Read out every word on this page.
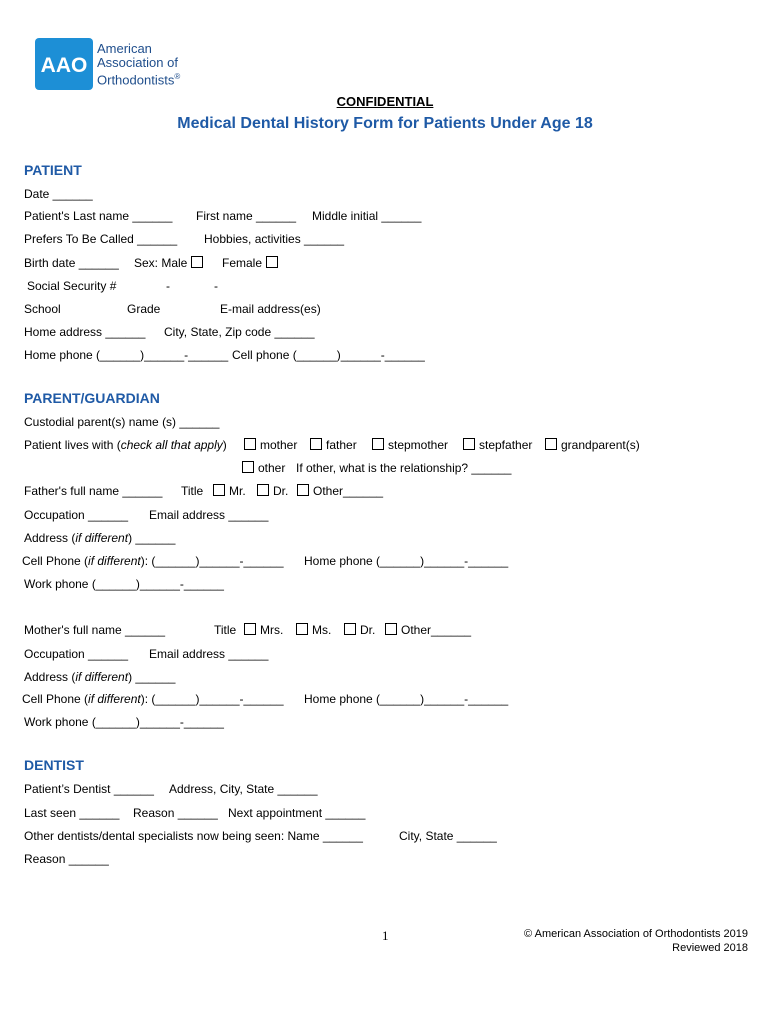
AAO
American
Association of
Orthodontists®
CONFIDENTIAL
Medical Dental History Form for Patients Under Age 18
PATIENT
Date ______
Patient's Last name ______ First name ______ Middle initial ______
Prefers To Be Called ______ Hobbies, activities ______
Birth date ______ Sex: Male	Female
Social Security #	-	-
School	Grade	E-mail address(es)
Home address ______ City, State, Zip code ______
Home phone (______)______-______ Cell phone (______)______-______
PARENT/GUARDIAN
Custodial parent(s) name (s) ______
Patient lives with (check all that apply)	mother	father	stepmother	stepfather	grandparent(s)
other If other, what is the relationship? ______
Father's full name ______ Title	Mr.	Dr.	Other______
Occupation ______ Email address ______
Address (if different) ______
Cell Phone (if different): (______)______-______ Home phone (______)______-______
Work phone (______)______-______
Mother's full name ______	Title	Mrs.	Ms.	Dr.	Other______
Occupation ______ Email address ______
Address (if different) ______
Cell Phone (if different): (______)______-______ Home phone (______)______-______
Work phone (______)______-______
DENTIST
Patient’s Dentist ______ Address, City, State ______
Last seen ______ Reason ______ Next appointment ______
Other dentists/dental specialists now being seen: Name ______	City, State ______
Reason ______
1	© American Association of Orthodontists 2019
Reviewed 2018
